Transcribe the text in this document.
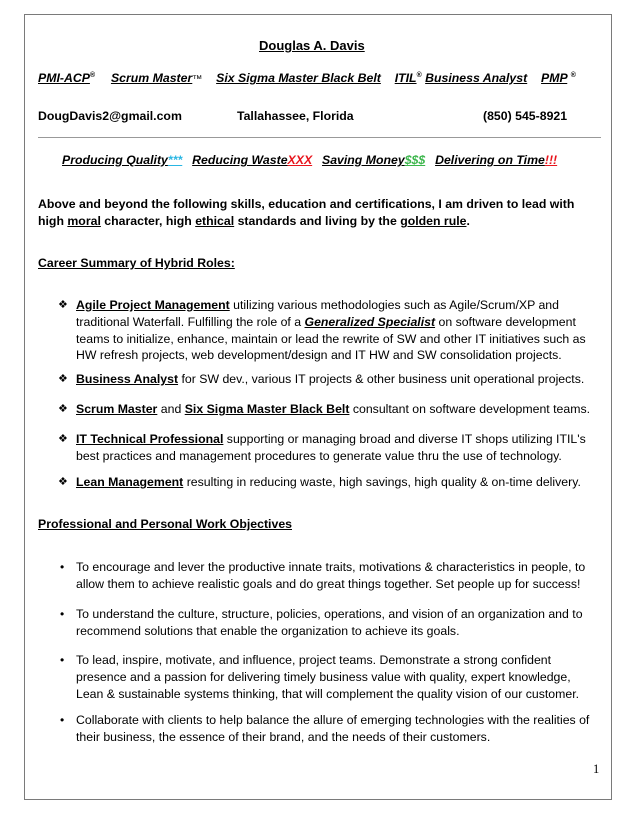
Douglas A. Davis
PMI-ACP® Scrum Master™ Six Sigma Master Black Belt ITIL® Business Analyst PMP ®
DougDavis2@gmail.com	Tallahassee, Florida	(850) 545-8921
Producing Quality*** Reducing WasteXXX Saving Money$$$ Delivering on Time!!!
Above and beyond the following skills, education and certifications, I am driven to lead with
high moral character, high ethical standards and living by the golden rule.
Career Summary of Hybrid Roles:
❖ Agile Project Management utilizing various methodologies such as Agile/Scrum/XP and
traditional Waterfall. Fulfilling the role of a Generalized Specialist on software development
teams to initialize, enhance, maintain or lead the rewrite of SW and other IT initiatives such as
HW refresh projects, web development/design and IT HW and SW consolidation projects.
❖ Business Analyst for SW dev., various IT projects & other business unit operational projects.
❖ Scrum Master and Six Sigma Master Black Belt consultant on software development teams.
❖ IT Technical Professional supporting or managing broad and diverse IT shops utilizing ITIL's
best practices and management procedures to generate value thru the use of technology.
❖ Lean Management resulting in reducing waste, high savings, high quality & on-time delivery.
Professional and Personal Work Objectives
• To encourage and lever the productive innate traits, motivations & characteristics in people, to
allow them to achieve realistic goals and do great things together. Set people up for success!
• To understand the culture, structure, policies, operations, and vision of an organization and to
recommend solutions that enable the organization to achieve its goals.
• To lead, inspire, motivate, and influence, project teams. Demonstrate a strong confident
presence and a passion for delivering timely business value with quality, expert knowledge,
Lean & sustainable systems thinking, that will complement the quality vision of our customer.
• Collaborate with clients to help balance the allure of emerging technologies with the realities of
their business, the essence of their brand, and the needs of their customers.
1
